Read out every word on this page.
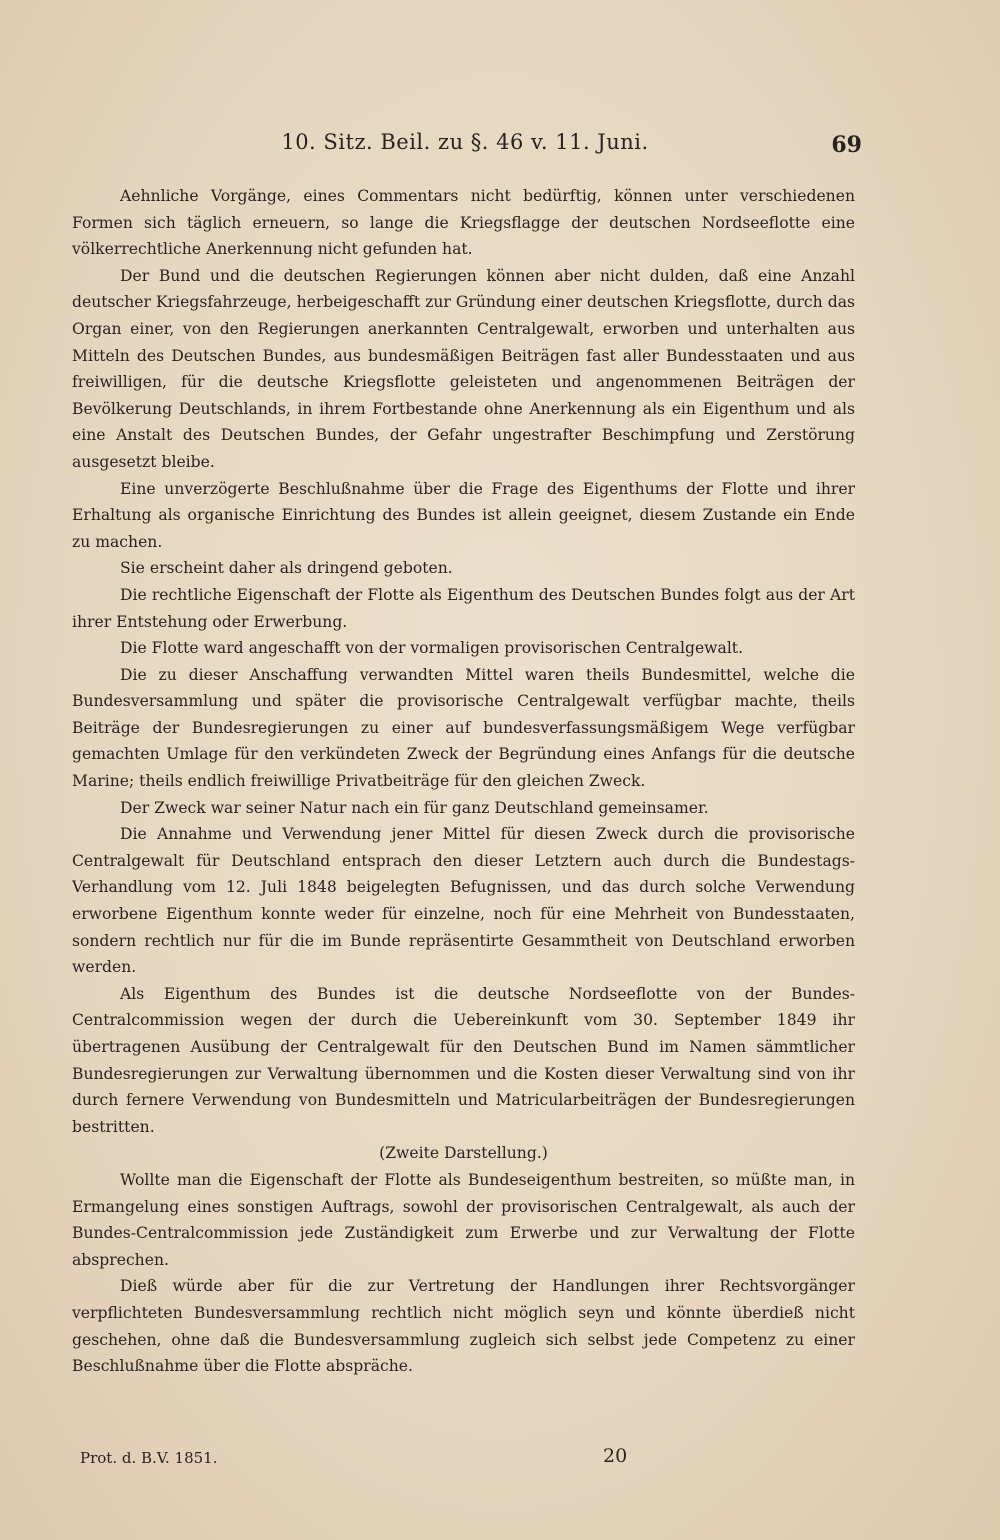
10. Sitz. Beil. zu §. 46 v. 11. Juni.	69

Aehnliche Vorgänge, eines Commentars nicht bedürftig, können unter verschiedenen Formen sich täglich erneuern, so lange die Kriegsflagge der deutschen Nordseeflotte eine völkerrechtliche Anerkennung nicht gefunden hat.

Der Bund und die deutschen Regierungen können aber nicht dulden, daß eine Anzahl deutscher Kriegsfahrzeuge, herbeigeschafft zur Gründung einer deutschen Kriegsflotte, durch das Organ einer, von den Regierungen anerkannten Centralgewalt, erworben und unterhalten aus Mitteln des Deutschen Bundes, aus bundesmäßigen Beiträgen fast aller Bundesstaaten und aus freiwilligen, für die deutsche Kriegsflotte geleisteten und angenommenen Beiträgen der Bevölkerung Deutschlands, in ihrem Fortbestande ohne Anerkennung als ein Eigenthum und als eine Anstalt des Deutschen Bundes, der Gefahr ungestrafter Beschimpfung und Zerstörung ausgesetzt bleibe.

Eine unverzögerte Beschlußnahme über die Frage des Eigenthums der Flotte und ihrer Erhaltung als organische Einrichtung des Bundes ist allein geeignet, diesem Zustande ein Ende zu machen.

Sie erscheint daher als dringend geboten.

Die rechtliche Eigenschaft der Flotte als Eigenthum des Deutschen Bundes folgt aus der Art ihrer Entstehung oder Erwerbung.

Die Flotte ward angeschafft von der vormaligen provisorischen Centralgewalt.

Die zu dieser Anschaffung verwandten Mittel waren theils Bundesmittel, welche die Bundesversammlung und später die provisorische Centralgewalt verfügbar machte, theils Beiträge der Bundesregierungen zu einer auf bundesverfassungsmäßigem Wege verfügbar gemachten Umlage für den verkündeten Zweck der Begründung eines Anfangs für die deutsche Marine; theils endlich freiwillige Privatbeiträge für den gleichen Zweck.

Der Zweck war seiner Natur nach ein für ganz Deutschland gemeinsamer.

Die Annahme und Verwendung jener Mittel für diesen Zweck durch die provisorische Centralgewalt für Deutschland entsprach den dieser Letztern auch durch die Bundestags-Verhandlung vom 12. Juli 1848 beigelegten Befugnissen, und das durch solche Verwendung erworbene Eigenthum konnte weder für einzelne, noch für eine Mehrheit von Bundesstaaten, sondern rechtlich nur für die im Bunde repräsentirte Gesammtheit von Deutschland erworben werden.

Als Eigenthum des Bundes ist die deutsche Nordseeflotte von der Bundes-Centralcommission wegen der durch die Uebereinkunft vom 30. September 1849 ihr übertragenen Ausübung der Centralgewalt für den Deutschen Bund im Namen sämmtlicher Bundesregierungen zur Verwaltung übernommen und die Kosten dieser Verwaltung sind von ihr durch fernere Verwendung von Bundesmitteln und Matricularbeiträgen der Bundesregierungen bestritten.

(Zweite Darstellung.)

Wollte man die Eigenschaft der Flotte als Bundeseigenthum bestreiten, so müßte man, in Ermangelung eines sonstigen Auftrags, sowohl der provisorischen Centralgewalt, als auch der Bundes-Centralcommission jede Zuständigkeit zum Erwerbe und zur Verwaltung der Flotte absprechen.

Dieß würde aber für die zur Vertretung der Handlungen ihrer Rechtsvorgänger verpflichteten Bundesversammlung rechtlich nicht möglich seyn und könnte überdieß nicht geschehen, ohne daß die Bundesversammlung zugleich sich selbst jede Competenz zu einer Beschlußnahme über die Flotte abspräche.

Prot. d. B.V. 1851.	20
